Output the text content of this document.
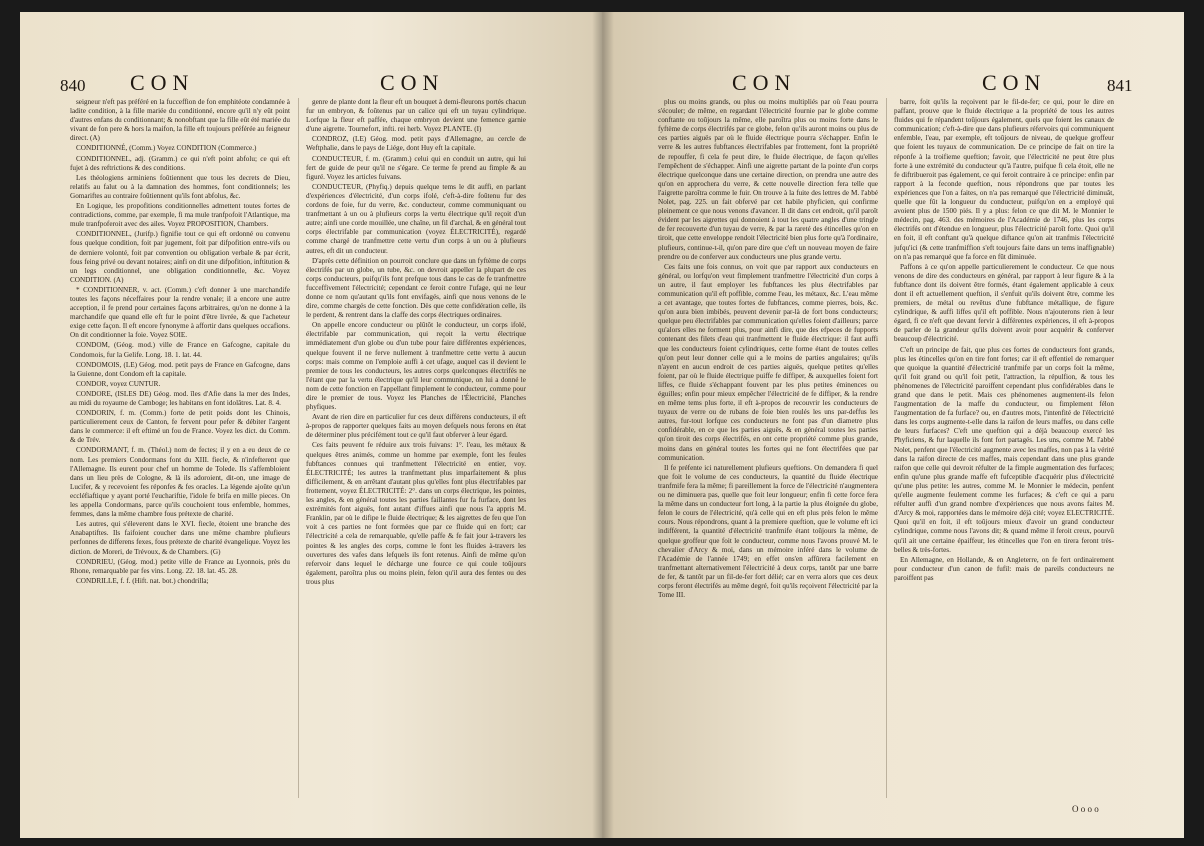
840 CON	CON

seigneur n'eft pas préféré en la fucceffion de fon emphitéote condamnée à ladite condition, à la fille mariée du conditionné, encore qu'il n'y eût point d'autres enfans du conditionnant; & nonobftant que la fille eût été mariée du vivant de fon pere & hors la maifon, la fille eft toujours préférée au feigneur direct. (A)

CONDITIONNÉ, (Comm.) Voyez CONDITION (Commerce.)

CONDITIONNEL, adj. (Gramm.) ce qui n'eft point abfolu; ce qui eft fujet à des reftrictions & des conditions.

Les théologiens arminiens foûtiennent que tous les decrets de Dieu, relatifs au falut ou à la damnation des hommes, font conditionnels; les Gomariftes au contraire foûtiennent qu'ils font abfolus, &c.

En Logique, les propofitions conditionnelles admettent toutes fortes de contradictions, comme, par exemple, fi ma mule tranfpofoit l'Atlantique, ma mule tranfpoferoit avec des ailes. Voyez PROPOSITION, Chambers.

CONDITIONNEL, (Jurifp.) fignifie tout ce qui eft ordonné ou convenu fous quelque condition, foit par jugement, foit par difpofition entre-vifs ou de derniere volonté, foit par convention ou obligation verbale & par écrit, fous feing privé ou devant notaires; ainfi on dit une difpofition, inftitution & un legs conditionnel, une obligation conditionnelle, &c. Voyez CONDITION. (A)

* CONDITIONNER, v. act. (Comm.) c'eft donner à une marchandife toutes les façons néceffaires pour la rendre venale; il a encore une autre acception, il fe prend pour certaines façons arbitraires, qu'on ne donne à la marchandife que quand elle eft fur le point d'être livrée, & que l'acheteur exige cette façon. Il eft encore fynonyme à affortir dans quelques occafions. On dit conditionner la foie. Voyez SOIE.

CONDOM, (Géog. mod.) ville de France en Gafcogne, capitale du Condomois, fur la Gelife. Long. 18. 1. lat. 44.

CONDOMOIS, (LE) Géog. mod. petit pays de France en Gafcogne, dans la Guienne, dont Condom eft la capitale.

CONDOR, voyez CUNTUR.

CONDORE, (ISLES DE) Géog. mod. îles d'Afie dans la mer des Indes, au midi du royaume de Camboge; les habitans en font idolâtres. Lat. 8. 4.

CONDORIN, f. m. (Comm.) forte de petit poids dont les Chinois, particulierement ceux de Canton, fe fervent pour pefer & débiter l'argent dans le commerce: il eft eftimé un fou de France. Voyez les dict. du Comm. & de Trév.

CONDORMANT, f. m. (Théol.) nom de fectes; il y en a eu deux de ce nom. Les premiers Condormans font du XIII. fiecle, & n'infefterent que l'Allemagne. Ils eurent pour chef un homme de Tolede. Ils s'affembloient dans un lieu près de Cologne, & là ils adoroient, dit-on, une image de Lucifer, & y recevoient fes réponfes & fes oracles. La légende ajoûte qu'un eccléfiaftique y ayant porté l'euchariftie, l'idole fe brifa en mille pieces. On les appella Condormans, parce qu'ils couchoient tous enfemble, hommes, femmes, dans la même chambre fous prétexte de charité.

Les autres, qui s'éleverent dans le XVI. fiecle, étoient une branche des Anabaptiftes. Ils faifoient coucher dans une même chambre plufieurs perfonnes de differens fexes, fous prétexte de charité évangelique. Voyez les diction. de Moreri, de Trévoux, & de Chambers. (G)

CONDRIEU, (Géog. mod.) petite ville de France au Lyonnois, près du Rhone, remarquable par fes vins. Long. 22. 18. lat. 45. 28.

CONDRILLE, f. f. (Hift. nat. bot.) chondrilla;

genre de plante dont la fleur eft un bouquet à demi-fleurons portés chacun fur un embryon, & foûtenus par un calice qui eft un tuyau cylindrique. Lorfque la fleur eft paffée, chaque embryon devient une femence garnie d'une aigrette. Tournefort, infti. rei herb. Voyez PLANTE. (I)

CONDROZ, (LE) Géog. mod. petit pays d'Allemagne, au cercle de Weftphalie, dans le pays de Liége, dont Huy eft la capitale.

CONDUCTEUR, f. m. (Gramm.) celui qui en conduit un autre, qui lui fert de guide de peur qu'il ne s'égare. Ce terme fe prend au fimple & au figuré. Voyez les articles fuivans.

CONDUCTEUR, (Phyfiq.) depuis quelque tems le dit auffi, en parlant d'expériences d'électricité, d'un corps ifolé, c'eft-à-dire foûtenu fur des cordons de foie, fur du verre, &c. conducteur, comme communiquant ou tranfmettant à un ou à plufieurs corps la vertu électrique qu'il reçoit d'un autre; ainfi une corde mouillée, une chaîne, un fil d'archal, & en général tout corps électrifable par communication (voyez ÉLECTRICITÉ), regardé comme chargé de tranfmettre cette vertu d'un corps à un ou à plufieurs autres, eft dit un conducteur.

D'après cette définition on pourroit conclure que dans un fyftème de corps électrifés par un globe, un tube, &c. on devroit appeller la plupart de ces corps conducteurs, puifqu'ils font prefque tous dans le cas de fe tranfmettre fucceffivement l'électricité; cependant ce feroit contre l'ufage, qui ne leur donne ce nom qu'autant qu'ils font envifagés, ainfi que nous venons de le dire, comme chargés de cette fonction. Dès que cette confidération celle, ils le perdent, & rentrent dans la claffe des corps électriques ordinaires.

On appelle encore conducteur ou plûtôt le conducteur, un corps ifolé, électrifable par communication, qui reçoit la vertu électrique immédiatement d'un globe ou d'un tube pour faire différentes expériences, quelque fouvent il ne ferve nullement à tranfmettre cette vertu à aucun corps: mais comme on l'emploie auffi à cet ufage, auquel cas il devient le premier de tous les conducteurs, les autres corps quelconques électrifés ne l'étant que par la vertu électrique qu'il leur communique, on lui a donné le nom de cette fonction en l'appellant fimplement le conducteur, comme pour dire le premier de tous. Voyez les Planches de l'Électricité, Planches phyfiques.

Avant de rien dire en particulier fur ces deux différens conducteurs, il eft à-propos de rapporter quelques faits au moyen defquels nous ferons en état de déterminer plus précifément tout ce qu'il faut obferver à leur égard.

Ces faits peuvent fe réduire aux trois fuivans: 1°. l'eau, les métaux & quelques êtres animés, comme un homme par exemple, font les feules fubftances connues qui tranfmettent l'électricité en entier, voy. ÉLECTRICITÉ; les autres la tranfmettant plus imparfaitement & plus difficilement, & en arrêtant d'autant plus qu'elles font plus électrifables par frottement, voyez ÉLECTRICITÉ: 2°. dans un corps électrique, les pointes, les angles, & en général toutes les parties faillantes fur fa furface, dont les extrémités font aiguës, font autant d'iffues ainfi que nous l'a appris M. Franklin, par où le difipe le fluide électrique; & les aigrettes de feu que l'on voit à ces parties ne font formées que par ce fluide qui en fort; car l'électricité a cela de remarquable, qu'elle paffe & fe fait jour à-travers les pointes & les angles des corps, comme le font les fluides à-travers les ouvertures des vafes dans lefquels ils font retenus. Ainfi de même qu'on refervoir dans lequel le décharge une fource ce qui coule toûjours également, paroîtra plus ou moins plein, felon qu'il aura des fentes ou des trous plus

CON	CON	841

plus ou moins grands, ou plus ou moins multipliés par où l'eau pourra s'écouler; de même, en regardant l'électricité fournie par le globe comme conftante ou toûjours la même, elle paroîtra plus ou moins forte dans le fyftème de corps électrifés par ce globe, felon qu'ils auront moins ou plus de ces parties aiguës par où le fluide électrique pourra s'échapper. Enfin le verre & les autres fubftances électrifables par frottement, font la propriété de repouffer, fi cela fe peut dire, le fluide électrique, de façon qu'elles l'empêchent de s'échapper. Ainfi une aigrette partant de la pointe d'un corps électrique quelconque dans une certaine direction, on prendra une autre des qu'on en approchera du verre, & cette nouvelle direction fera telle que l'aigrette paroîtra comme le fuir. On trouve à la fuite des lettres de M. l'abbé Nolet, pag. 225. un fait obfervé par cet habile phyficien, qui confirme pleinement ce que nous venons d'avancer. Il dit dans cet endroit, qu'il paroît évident par les aigrettes qui donnoient à tout les quatre angles d'une tringle de fer recouverte d'un tuyau de verre, & par la rareté des étincelles qu'on en tiroit, que cette enveloppe rendoit l'électricité bien plus forte qu'à l'ordinaire, plufieurs, continue-t-il, qu'on pare dire que c'eft un nouveau moyen de faire prendre ou de conferver aux conducteurs une plus grande vertu.

Ces faits une fois connus, on voit que par rapport aux conducteurs en général, ou lorfqu'on veut fimplement tranfmettre l'électricité d'un corps à un autre, il faut employer les fubftances les plus électrifables par communication qu'il eft poffible, comme l'eau, les métaux, &c. L'eau même a cet avantage, que toutes fortes de fubftances, comme pierres, bois, &c. qu'on aura bien imbibés, peuvent devenir par-là de fort bons conducteurs; quelque peu électrifables par communication qu'elles foient d'ailleurs; parce qu'alors elles ne forment plus, pour ainfi dire, que des efpeces de fupports contenant des filets d'eau qui tranfmettent le fluide électrique: il faut auffi que les conducteurs foient cylindriques, cette forme étant de toutes celles qu'on peut leur donner celle qui a le moins de parties angulaires; qu'ils n'ayent en aucun endroit de ces parties aiguës, quelque petites qu'elles foient, par où le fluide électrique puiffe fe diffiper, & auxquelles foient fort liffes, ce fluide s'échappant fouvent par les plus petites éminences ou éguilles; enfin pour mieux empêcher l'électricité de fe diffiper, & la rendre en même tems plus forte, il eft à-propos de recouvrir les conducteurs de tuyaux de verre ou de rubans de foie bien roulés les uns par-deffus les autres, fur-tout lorfque ces conducteurs ne font pas d'un diametre plus confidérable, en ce que les parties aiguës, & en général toutes les parties qu'on tiroit des corps électrifés, en ont cette propriété comme plus grande, moins dans en général toutes les fortes qui ne font électrifées que par communication.

Il fe préfente ici naturellement plufieurs queftions. On demandera fi quel que foit le volume de ces conducteurs, la quantité du fluide électrique tranfmife fera la même; fi pareillement la force de l'électricité n'augmentera ou ne diminuera pas, quelle que foit leur longueur; enfin fi cette force fera la même dans un conducteur fort long, à la partie la plus éloignée du globe, felon le cours de l'électricité, qu'à celle qui en eft plus près felon le même cours. Nous répondrons, quant à la premiere queftion, que le volume eft ici indifférent, la quantité d'électricité tranfmife étant toûjours la même, de quelque groffeur que foit le conducteur, comme nous l'avons prouvé M. le chevalier d'Arcy & moi, dans un mémoire inféré dans le volume de l'Académie de l'année 1749; en effet ons'en affûrera facilement en tranfmettant alternativement l'électricité à deux corps, tantôt par une barre de fer, & tantôt par un fil-de-fer fort délié; car en verra alors que ces deux corps feront électrifés au même degré, foit qu'ils reçoivent l'électricité par la Tome III.

barre, foit qu'ils la reçoivent par le fil-de-fer; ce qui, pour le dire en paffant, prouve que le fluide électrique a la propriété de tous les autres fluides qui fe répandent toûjours également, quels que foient les canaux de communication; c'eft-à-dire que dans plufieurs réfervoirs qui communiquent enfemble, l'eau, par exemple, eft toûjours de niveau, de quelque groffeur que foient les tuyaux de communication. De ce principe de fait on tire la réponfe à la troifieme queftion; favoir, que l'électricité ne peut être plus forte à une extrémité du conducteur qu'à l'autre, puifque fi cela étoit, elle ne fe diftribueroit pas également, ce qui feroit contraire à ce principe: enfin par rapport à la feconde queftion, nous répondrons que par toutes les expériences que l'on a faites, on n'a pas remarqué que l'électricité diminuât, quelle que fût la longueur du conducteur, puifqu'on en a employé qui avoient plus de 1500 piés. Il y a plus: felon ce que dit M. le Monnier le médecin, pag. 463. des mémoires de l'Académie de 1746, plus les corps électrifés ont d'étendue en longueur, plus l'électricité paroît forte. Quoi qu'il en foit, il eft conftant qu'à quelque diftance qu'on ait tranfmis l'électricité jufqu'ici (& cette tranfmiffion s'eft toujours faite dans un tems inaffignable) on n'a pas remarqué que fa force en fût diminuée.

Paffons à ce qu'on appelle particulierement le conducteur. Ce que nous venons de dire des conducteurs en général, par rapport à leur figure & à la fubftance dont ils doivent être formés, étant également applicable à ceux dont il eft actuellement queftion, il s'enfuit qu'ils doivent être, comme les premiers, de métal ou revêtus d'une fubftance métallique, de figure cylindrique, & auffi liffes qu'il eft poffible. Nous n'ajouterons rien à leur égard, fi ce n'eft que devant fervir à différentes expériences, il eft à-propos de parler de la grandeur qu'ils doivent avoir pour acquérir & conferver beaucoup d'électricité.

C'eft un principe de fait, que plus ces fortes de conducteurs font grands, plus les étincelles qu'on en tire font fortes; car il eft effentiel de remarquer que quoique la quantité d'électricité tranfmife par un corps foit la même, qu'il foit grand ou qu'il foit petit, l'attraction, la répulfion, & tous les phénomenes de l'électricité paroiffent cependant plus confidérables dans le grand que dans le petit. Mais ces phénomenes augmentent-ils felon l'augmentation de la maffe du conducteur, ou fimplement félon l'augmentation de fa furface? ou, en d'autres mots, l'intenfité de l'électricité dans les corps augmente-t-elle dans la raifon de leurs maffes, ou dans celle de leurs furfaces? C'eft une queftion qui a déjà beaucoup exercé les Phyficiens, & fur laquelle ils font fort partagés. Les uns, comme M. l'abbé Nolet, penfent que l'électricité augmente avec les maffes, non pas à la vérité dans la raifon directe de ces maffes, mais cependant dans une plus grande raifon que celle qui devroit réfulter de la fimple augmentation des furfaces; enfin qu'une plus grande maffe eft fufceptible d'acquérir plus d'électricité qu'une plus petite: les autres, comme M. le Monnier le médecin, penfent qu'elle augmente feulement comme les furfaces; & c'eft ce qui a paru réfulter auffi d'un grand nombre d'expériences que nous avons faites M. d'Arcy & moi, rapportées dans le mémoire déjà cité; voyez ELECTRICITÉ. Quoi qu'il en foit, il eft toûjours mieux d'avoir un grand conducteur cylindrique, comme nous l'avons dit; & quand même il feroit creux, pourvû qu'il ait une certaine épaiffeur, les étincelles que l'on en tirera feront très-belles & très-fortes.

En Allemagne, en Hollande, & en Angleterre, on fe fert ordinairement pour conducteur d'un canon de fufil: mais de pareils conducteurs ne paroiffent pas

O o o o
